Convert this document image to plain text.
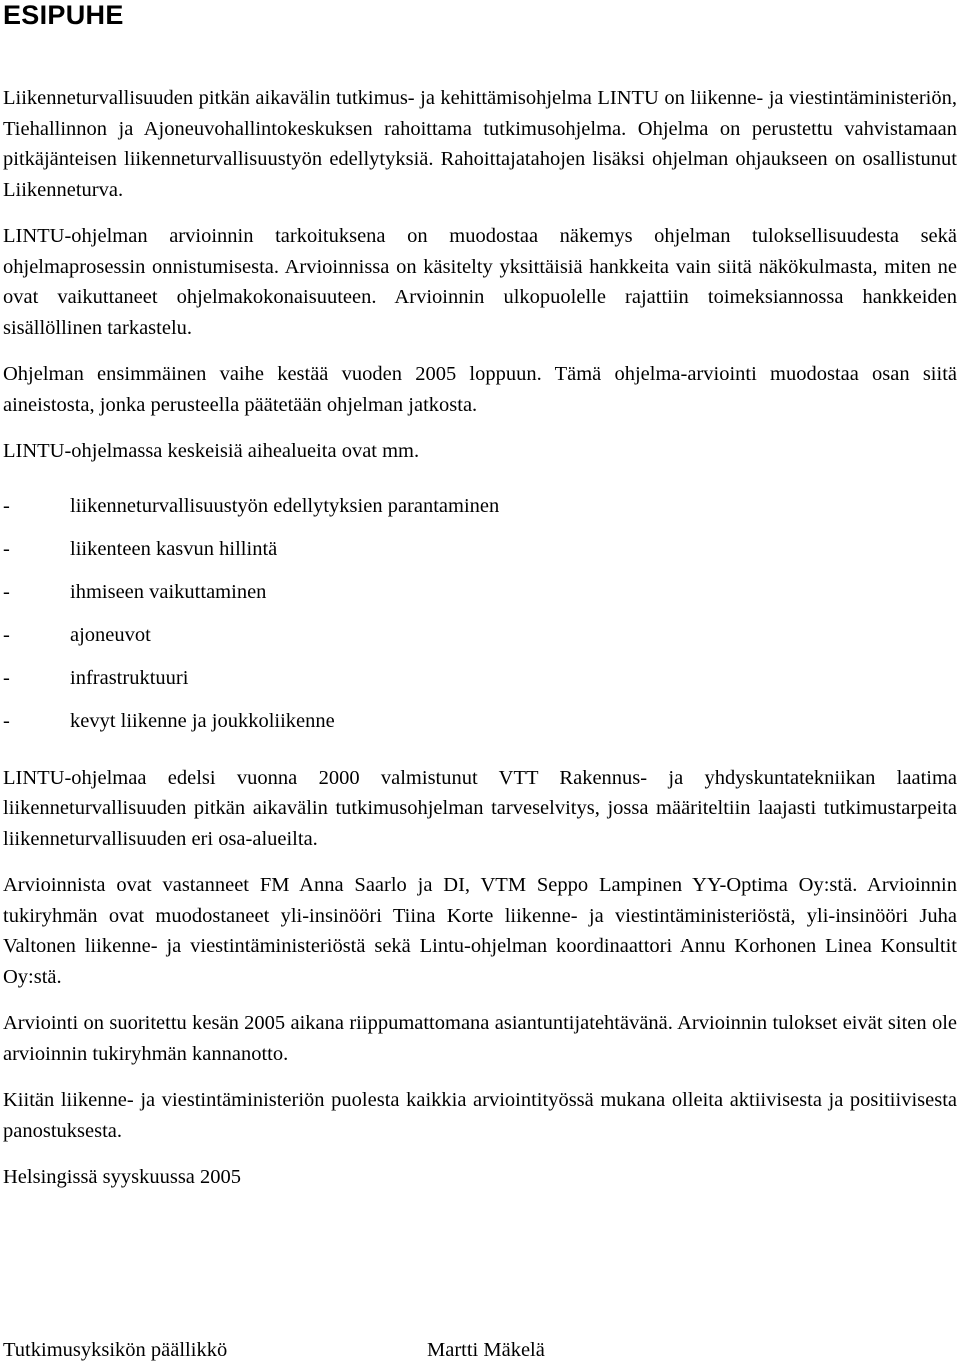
ESIPUHE

Liikenneturvallisuuden pitkän aikavälin tutkimus- ja kehittämisohjelma LINTU on liikenne- ja viestintäministeriön, Tiehallinnon ja Ajoneuvohallintokeskuksen rahoittama tutkimusohjelma. Ohjelma on perustettu vahvistamaan pitkäjänteisen liikenneturvallisuustyön edellytyksiä. Rahoittajatahojen lisäksi ohjelman ohjaukseen on osallistunut Liikenneturva.

LINTU-ohjelman arvioinnin tarkoituksena on muodostaa näkemys ohjelman tuloksellisuudesta sekä ohjelmaprosessin onnistumisesta. Arvioinnissa on käsitelty yksittäisiä hankkeita vain siitä näkökulmasta, miten ne ovat vaikuttaneet ohjelmakokonaisuuteen. Arvioinnin ulkopuolelle rajattiin toimeksiannossa hankkeiden sisällöllinen tarkastelu.

Ohjelman ensimmäinen vaihe kestää vuoden 2005 loppuun. Tämä ohjelma-arviointi muodostaa osan siitä aineistosta, jonka perusteella päätetään ohjelman jatkosta.

LINTU-ohjelmassa keskeisiä aihealueita ovat mm.

-	liikenneturvallisuustyön edellytyksien parantaminen
-	liikenteen kasvun hillintä
-	ihmiseen vaikuttaminen
-	ajoneuvot
-	infrastruktuuri
-	kevyt liikenne ja joukkoliikenne

LINTU-ohjelmaa edelsi vuonna 2000 valmistunut VTT Rakennus- ja yhdyskuntatekniikan laatima liikenneturvallisuuden pitkän aikavälin tutkimusohjelman tarveselvitys, jossa määriteltiin laajasti tutkimustarpeita liikenneturvallisuuden eri osa-alueilta.

Arvioinnista ovat vastanneet FM Anna Saarlo ja DI, VTM Seppo Lampinen YY-Optima Oy:stä. Arvioinnin tukiryhmän ovat muodostaneet yli-insinööri Tiina Korte liikenne- ja viestintäministeriöstä, yli-insinööri Juha Valtonen liikenne- ja viestintäministeriöstä sekä Lintu-ohjelman koordinaattori Annu Korhonen Linea Konsultit Oy:stä.

Arviointi on suoritettu kesän 2005 aikana riippumattomana asiantuntijatehtävänä. Arvioinnin tulokset eivät siten ole arvioinnin tukiryhmän kannanotto.

Kiitän liikenne- ja viestintäministeriön puolesta kaikkia arviointityössä mukana olleita aktiivisesta ja positiivisesta panostuksesta.

Helsingissä syyskuussa 2005

Tutkimusyksikön päällikkö	Martti Mäkelä
